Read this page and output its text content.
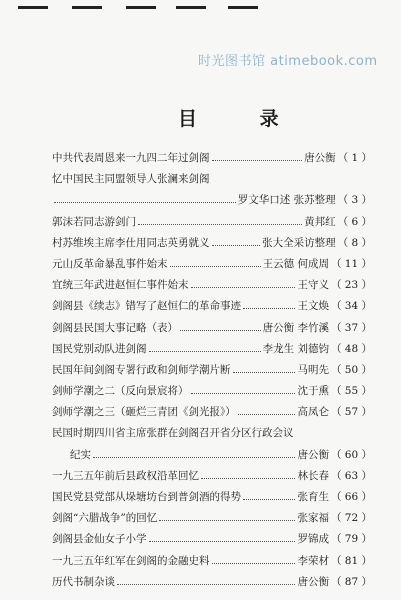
时光图书馆 atimebook.com
目 录
中共代表周恩来一九四二年过剑阁	唐公衡 （ 1 ）
忆中国民主同盟领导人张澜来剑阁
罗文华口述 张苏整理 （ 3 ）
郭沫若同志游剑门	黄邦红 （ 6 ）
村苏维埃主席李仕用同志英勇就义	张大全采访整理 （ 8 ）
元山反革命暴乱事件始末	王云德 何成周 （ 11 ）
宜统三年武进赵恒仁事件始末	王守义 （ 23 ）
剑阁县《续志》错写了赵恒仁的革命事迹	王文焕 （ 34 ）
剑阁县民国大事记略（表）	唐公衡 李竹溪 （ 37 ）
国民党别动队进剑阁	李龙生 刘德钧 （ 48 ）
民国年间剑阁专署行政和剑师学潮片断	马明先 （ 50 ）
剑师学潮之二（反向景宸将）	沈于熏 （ 55 ）
剑师学潮之三（砸烂三青团《剑光报》）	高凤仑 （ 57 ）
民国时期四川省主席张群在剑阁召开省分区行政会议
纪实	唐公衡 （ 60 ）
一九三五年前后县政权沿革回忆	林长春 （ 63 ）
国民党县党部从垛塘坊台到普剑酒的得势	张育生 （ 66 ）
剑阁“六腊战争”的回忆	张家福 （ 72 ）
剑阁县金仙女子小学	罗锦成 （ 79 ）
一九三五年红军在剑阁的金融史料	李荣材 （ 81 ）
历代书制杂谈	唐公衡 （ 87 ）
